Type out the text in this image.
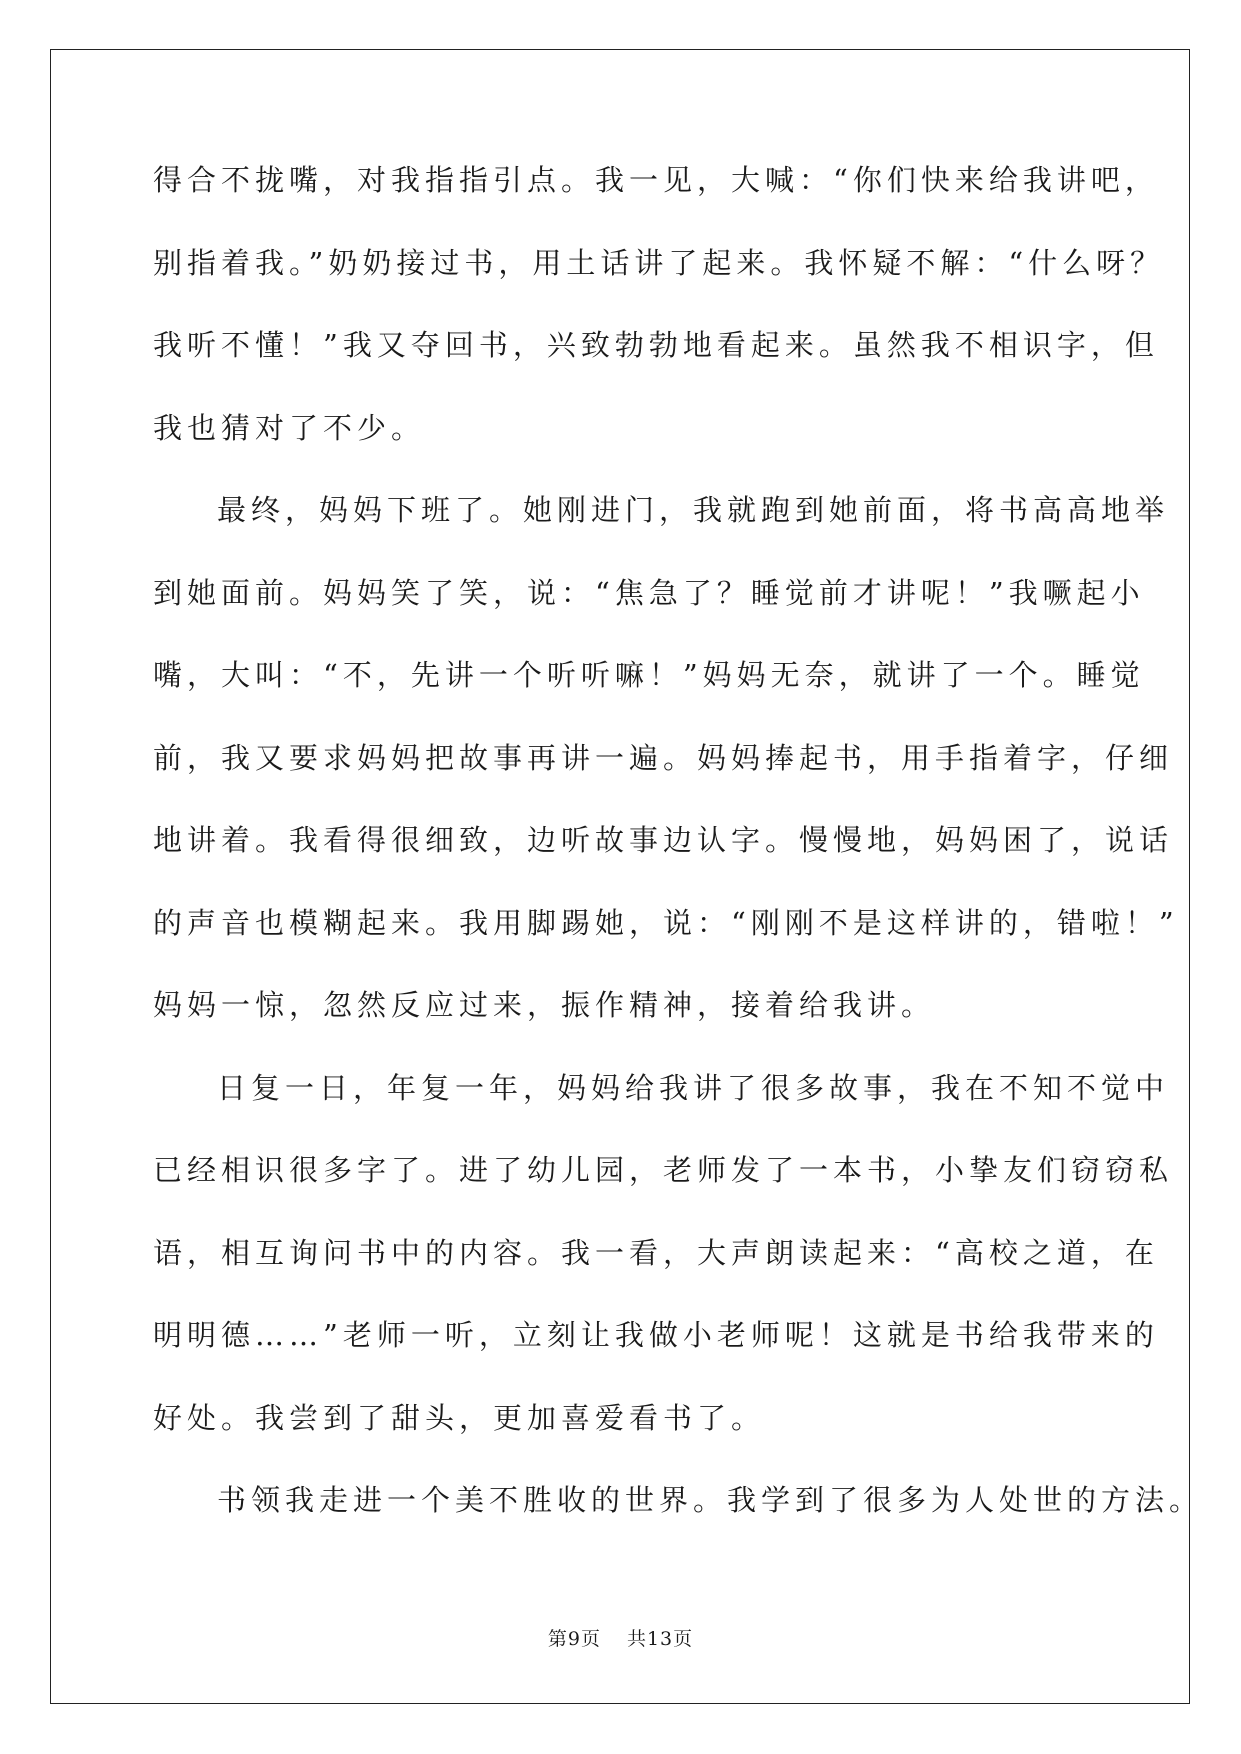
得合不拢嘴，对我指指引点。我一见，大喊：“你们快来给我讲吧，
别指着我。”奶奶接过书，用土话讲了起来。我怀疑不解：“什么呀？
我听不懂！”我又夺回书，兴致勃勃地看起来。虽然我不相识字，但
我也猜对了不少。
最终，妈妈下班了。她刚进门，我就跑到她前面，将书高高地举
到她面前。妈妈笑了笑，说：“焦急了？睡觉前才讲呢！”我噘起小
嘴，大叫：“不，先讲一个听听嘛！”妈妈无奈，就讲了一个。睡觉
前，我又要求妈妈把故事再讲一遍。妈妈捧起书，用手指着字，仔细
地讲着。我看得很细致，边听故事边认字。慢慢地，妈妈困了，说话
的声音也模糊起来。我用脚踢她，说：“刚刚不是这样讲的，错啦！”
妈妈一惊，忽然反应过来，振作精神，接着给我讲。
日复一日，年复一年，妈妈给我讲了很多故事，我在不知不觉中
已经相识很多字了。进了幼儿园，老师发了一本书，小挚友们窃窃私
语，相互询问书中的内容。我一看，大声朗读起来：“高校之道，在
明明德……”老师一听，立刻让我做小老师呢！这就是书给我带来的
好处。我尝到了甜头，更加喜爱看书了。
书领我走进一个美不胜收的世界。我学到了很多为人处世的方法。
第9页 共13页
